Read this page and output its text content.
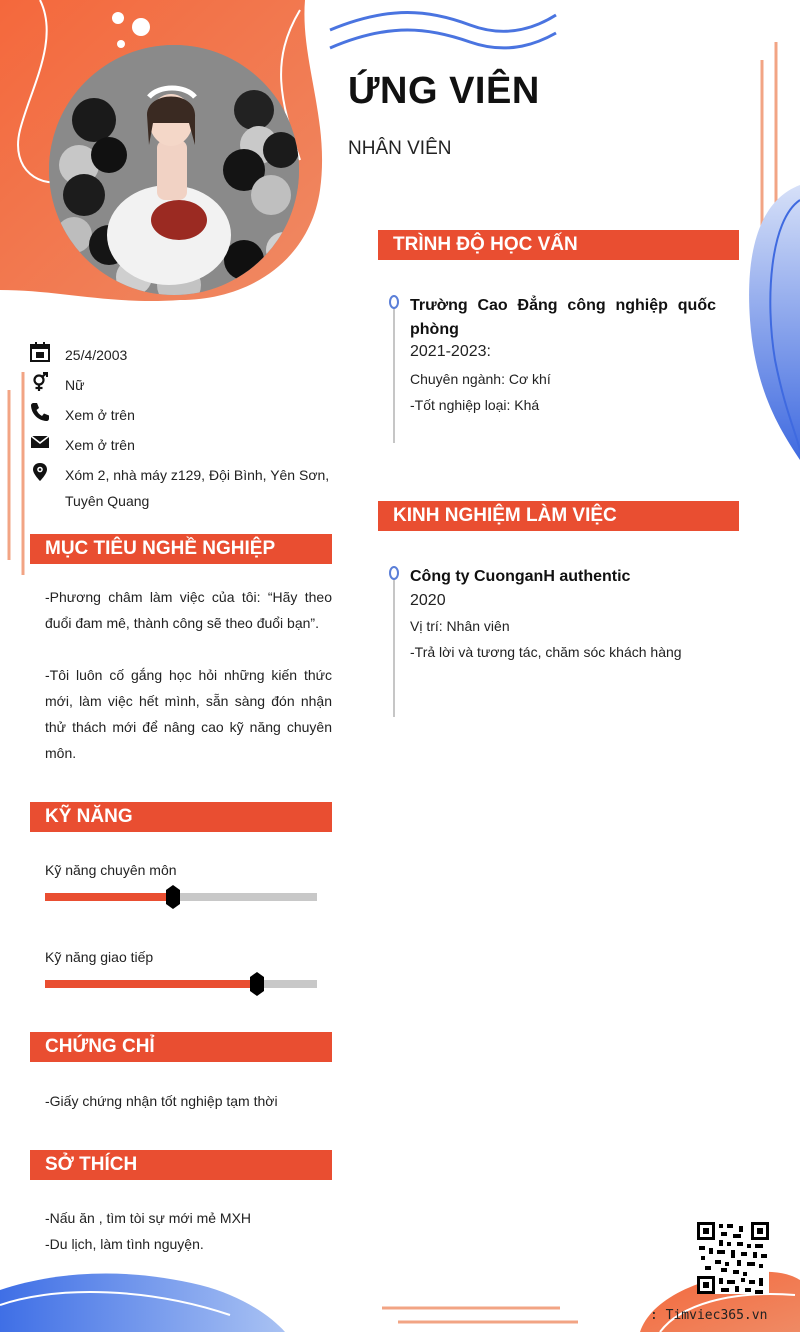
ỨNG VIÊN
NHÂN VIÊN
25/4/2003
Nữ
Xem ở trên
Xem ở trên
Xóm 2, nhà máy z129, Đội Bình, Yên Sơn, Tuyên Quang
MỤC TIÊU NGHỀ NGHIỆP
-Phương châm làm việc của tôi: “Hãy theo đuổi đam mê, thành công sẽ theo đuổi bạn”.
-Tôi luôn cố gắng học hỏi những kiến thức mới, làm việc hết mình, sẵn sàng đón nhận thử thách mới để nâng cao kỹ năng chuyên môn.
KỸ NĂNG
Kỹ năng chuyên môn
Kỹ năng giao tiếp
CHỨNG CHỈ
-Giấy chứng nhận tốt nghiệp tạm thời
SỞ THÍCH
-Nấu ăn , tìm tòi sự mới mẻ MXH
-Du lịch, làm tình nguyện.
TRÌNH ĐỘ HỌC VẤN
Trường Cao Đẳng công nghiệp quốc phòng
2021-2023:
Chuyên ngành: Cơ khí
-Tốt nghiệp loại: Khá
KINH NGHIỆM LÀM VIỆC
Công ty CuonganH authentic
2020
Vị trí: Nhân viên
-Trả lời và tương tác, chăm sóc khách hàng
: Timviec365.vn
